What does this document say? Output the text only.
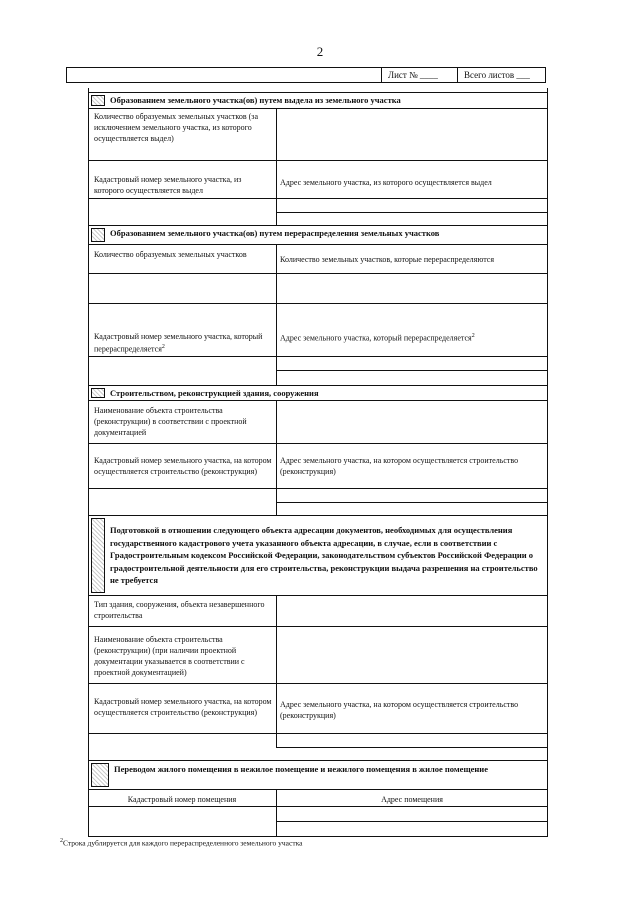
2
Лист № ____	Всего листов ___
Образованием земельного участка(ов) путем выдела из земельного участка
Количество образуемых земельных участков (за исключением земельного участка, из которого осуществляется выдел)
Кадастровый номер земельного участка, из которого осуществляется выдел
Адрес земельного участка, из которого осуществляется выдел
Образованием земельного участка(ов) путем перераспределения земельных участков
Количество образуемых земельных участков
Количество земельных участков, которые перераспределяются
Кадастровый номер земельного участка, который перераспределяется$^2$
Адрес земельного участка, который перераспределяется$^2$
Строительством, реконструкцией здания, сооружения
Наименование объекта строительства (реконструкции) в соответствии с проектной документацией
Кадастровый номер земельного участка, на котором осуществляется строительство (реконструкция)
Адрес земельного участка, на котором осуществляется строительство (реконструкция)
Подготовкой в отношении следующего объекта адресации документов, необходимых для осуществления государственного кадастрового учета указанного объекта адресации, в случае, если в соответствии с Градостроительным кодексом Российской Федерации, законодательством субъектов Российской Федерации о градостроительной деятельности для его строительства, реконструкции выдача разрешения на строительство не требуется
Тип здания, сооружения, объекта незавершенного строительства
Наименование объекта строительства (реконструкции) (при наличии проектной документации указывается в соответствии с проектной документацией)
Кадастровый номер земельного участка, на котором осуществляется строительство (реконструкция)
Адрес земельного участка, на котором осуществляется строительство (реконструкция)
Переводом жилого помещения в нежилое помещение и нежилого помещения в жилое помещение
Кадастровый номер помещения	Адрес помещения
$^2$Строка дублируется для каждого перераспределенного земельного участка
